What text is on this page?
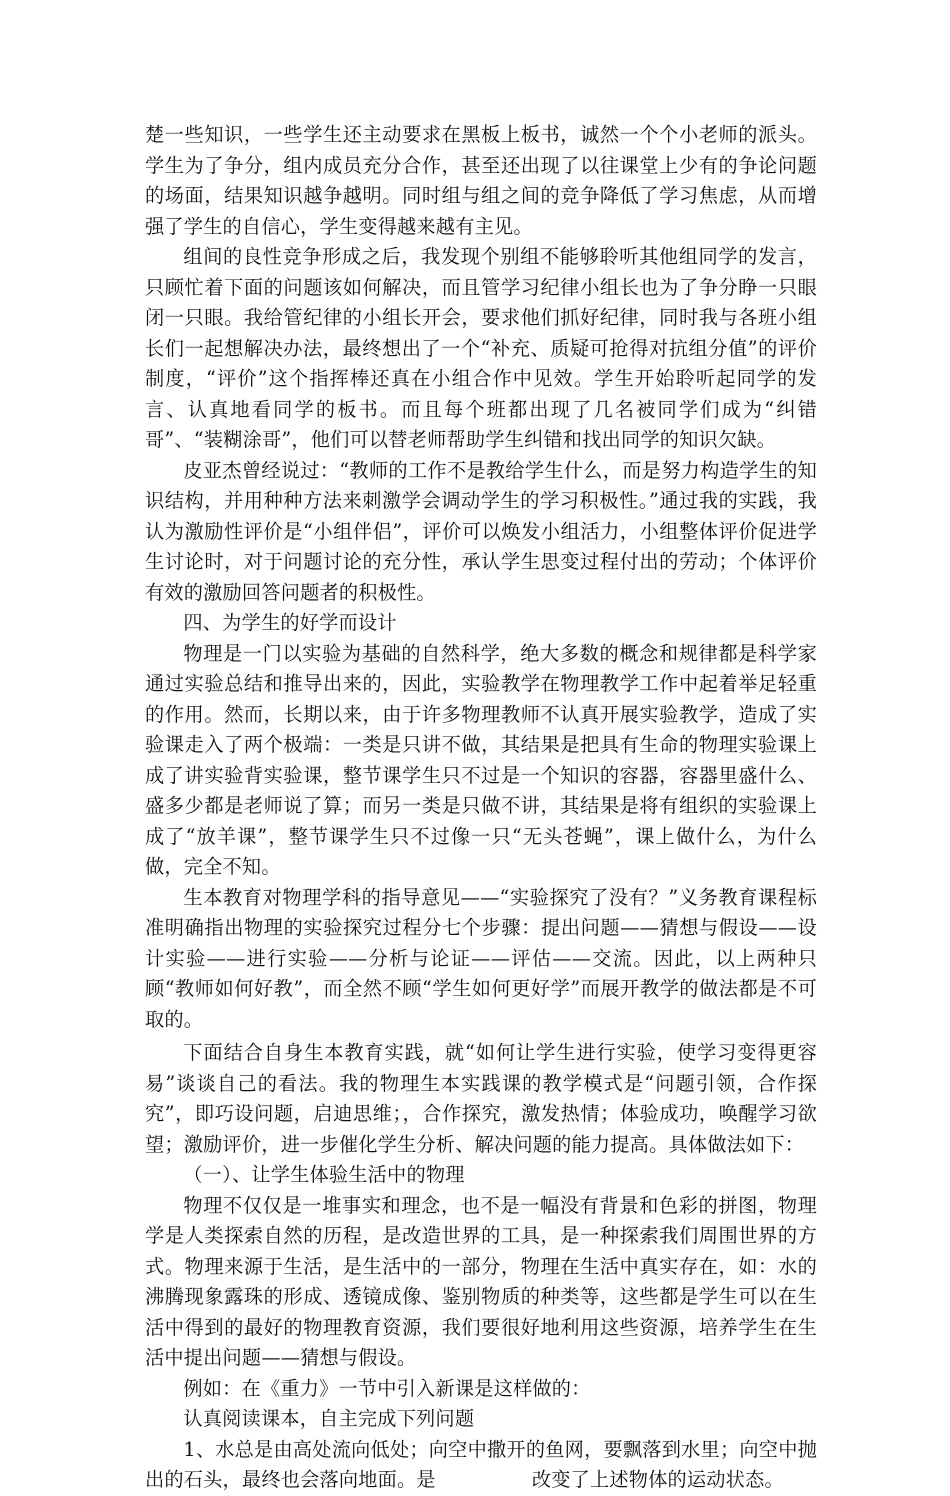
楚一些知识，一些学生还主动要求在黑板上板书，诚然一个个小老师的派头。学生为了争分，组内成员充分合作，甚至还出现了以往课堂上少有的争论问题的场面，结果知识越争越明。同时组与组之间的竞争降低了学习焦虑，从而增强了学生的自信心，学生变得越来越有主见。

组间的良性竞争形成之后，我发现个别组不能够聆听其他组同学的发言，只顾忙着下面的问题该如何解决，而且管学习纪律小组长也为了争分睁一只眼闭一只眼。我给管纪律的小组长开会，要求他们抓好纪律，同时我与各班小组长们一起想解决办法，最终想出了一个“补充、质疑可抢得对抗组分值”的评价制度，“评价”这个指挥棒还真在小组合作中见效。学生开始聆听起同学的发言、认真地看同学的板书。而且每个班都出现了几名被同学们成为“纠错哥”、“装糊涂哥”，他们可以替老师帮助学生纠错和找出同学的知识欠缺。

皮亚杰曾经说过：“教师的工作不是教给学生什么，而是努力构造学生的知识结构，并用种种方法来刺激学会调动学生的学习积极性。”通过我的实践，我认为激励性评价是“小组伴侣”，评价可以焕发小组活力，小组整体评价促进学生讨论时，对于问题讨论的充分性，承认学生思变过程付出的劳动；个体评价有效的激励回答问题者的积极性。

四、为学生的好学而设计

物理是一门以实验为基础的自然科学，绝大多数的概念和规律都是科学家通过实验总结和推导出来的，因此，实验教学在物理教学工作中起着举足轻重的作用。然而，长期以来，由于许多物理教师不认真开展实验教学，造成了实验课走入了两个极端：一类是只讲不做，其结果是把具有生命的物理实验课上成了讲实验背实验课，整节课学生只不过是一个知识的容器，容器里盛什么、盛多少都是老师说了算；而另一类是只做不讲，其结果是将有组织的实验课上成了“放羊课”，整节课学生只不过像一只“无头苍蝇”，课上做什么，为什么做，完全不知。

生本教育对物理学科的指导意见——“实验探究了没有？”义务教育课程标准明确指出物理的实验探究过程分七个步骤：提出问题——猜想与假设——设计实验——进行实验——分析与论证——评估——交流。因此，以上两种只顾“教师如何好教”，而全然不顾“学生如何更好学”而展开教学的做法都是不可取的。

下面结合自身生本教育实践，就“如何让学生进行实验，使学习变得更容易”谈谈自己的看法。我的物理生本实践课的教学模式是“问题引领，合作探究”，即巧设问题，启迪思维；，合作探究，激发热情；体验成功，唤醒学习欲望；激励评价，进一步催化学生分析、解决问题的能力提高。具体做法如下：

（一）、让学生体验生活中的物理

物理不仅仅是一堆事实和理念，也不是一幅没有背景和色彩的拼图，物理学是人类探索自然的历程，是改造世界的工具，是一种探索我们周围世界的方式。物理来源于生活，是生活中的一部分，物理在生活中真实存在，如：水的沸腾现象露珠的形成、透镜成像、鉴别物质的种类等，这些都是学生可以在生活中得到的最好的物理教育资源，我们要很好地利用这些资源，培养学生在生活中提出问题——猜想与假设。

例如：在《重力》一节中引入新课是这样做的：

认真阅读课本，自主完成下列问题

1、水总是由高处流向低处；向空中撒开的鱼网，要飘落到水里；向空中抛出的石头，最终也会落向地面。是	改变了上述物体的运动状态。
